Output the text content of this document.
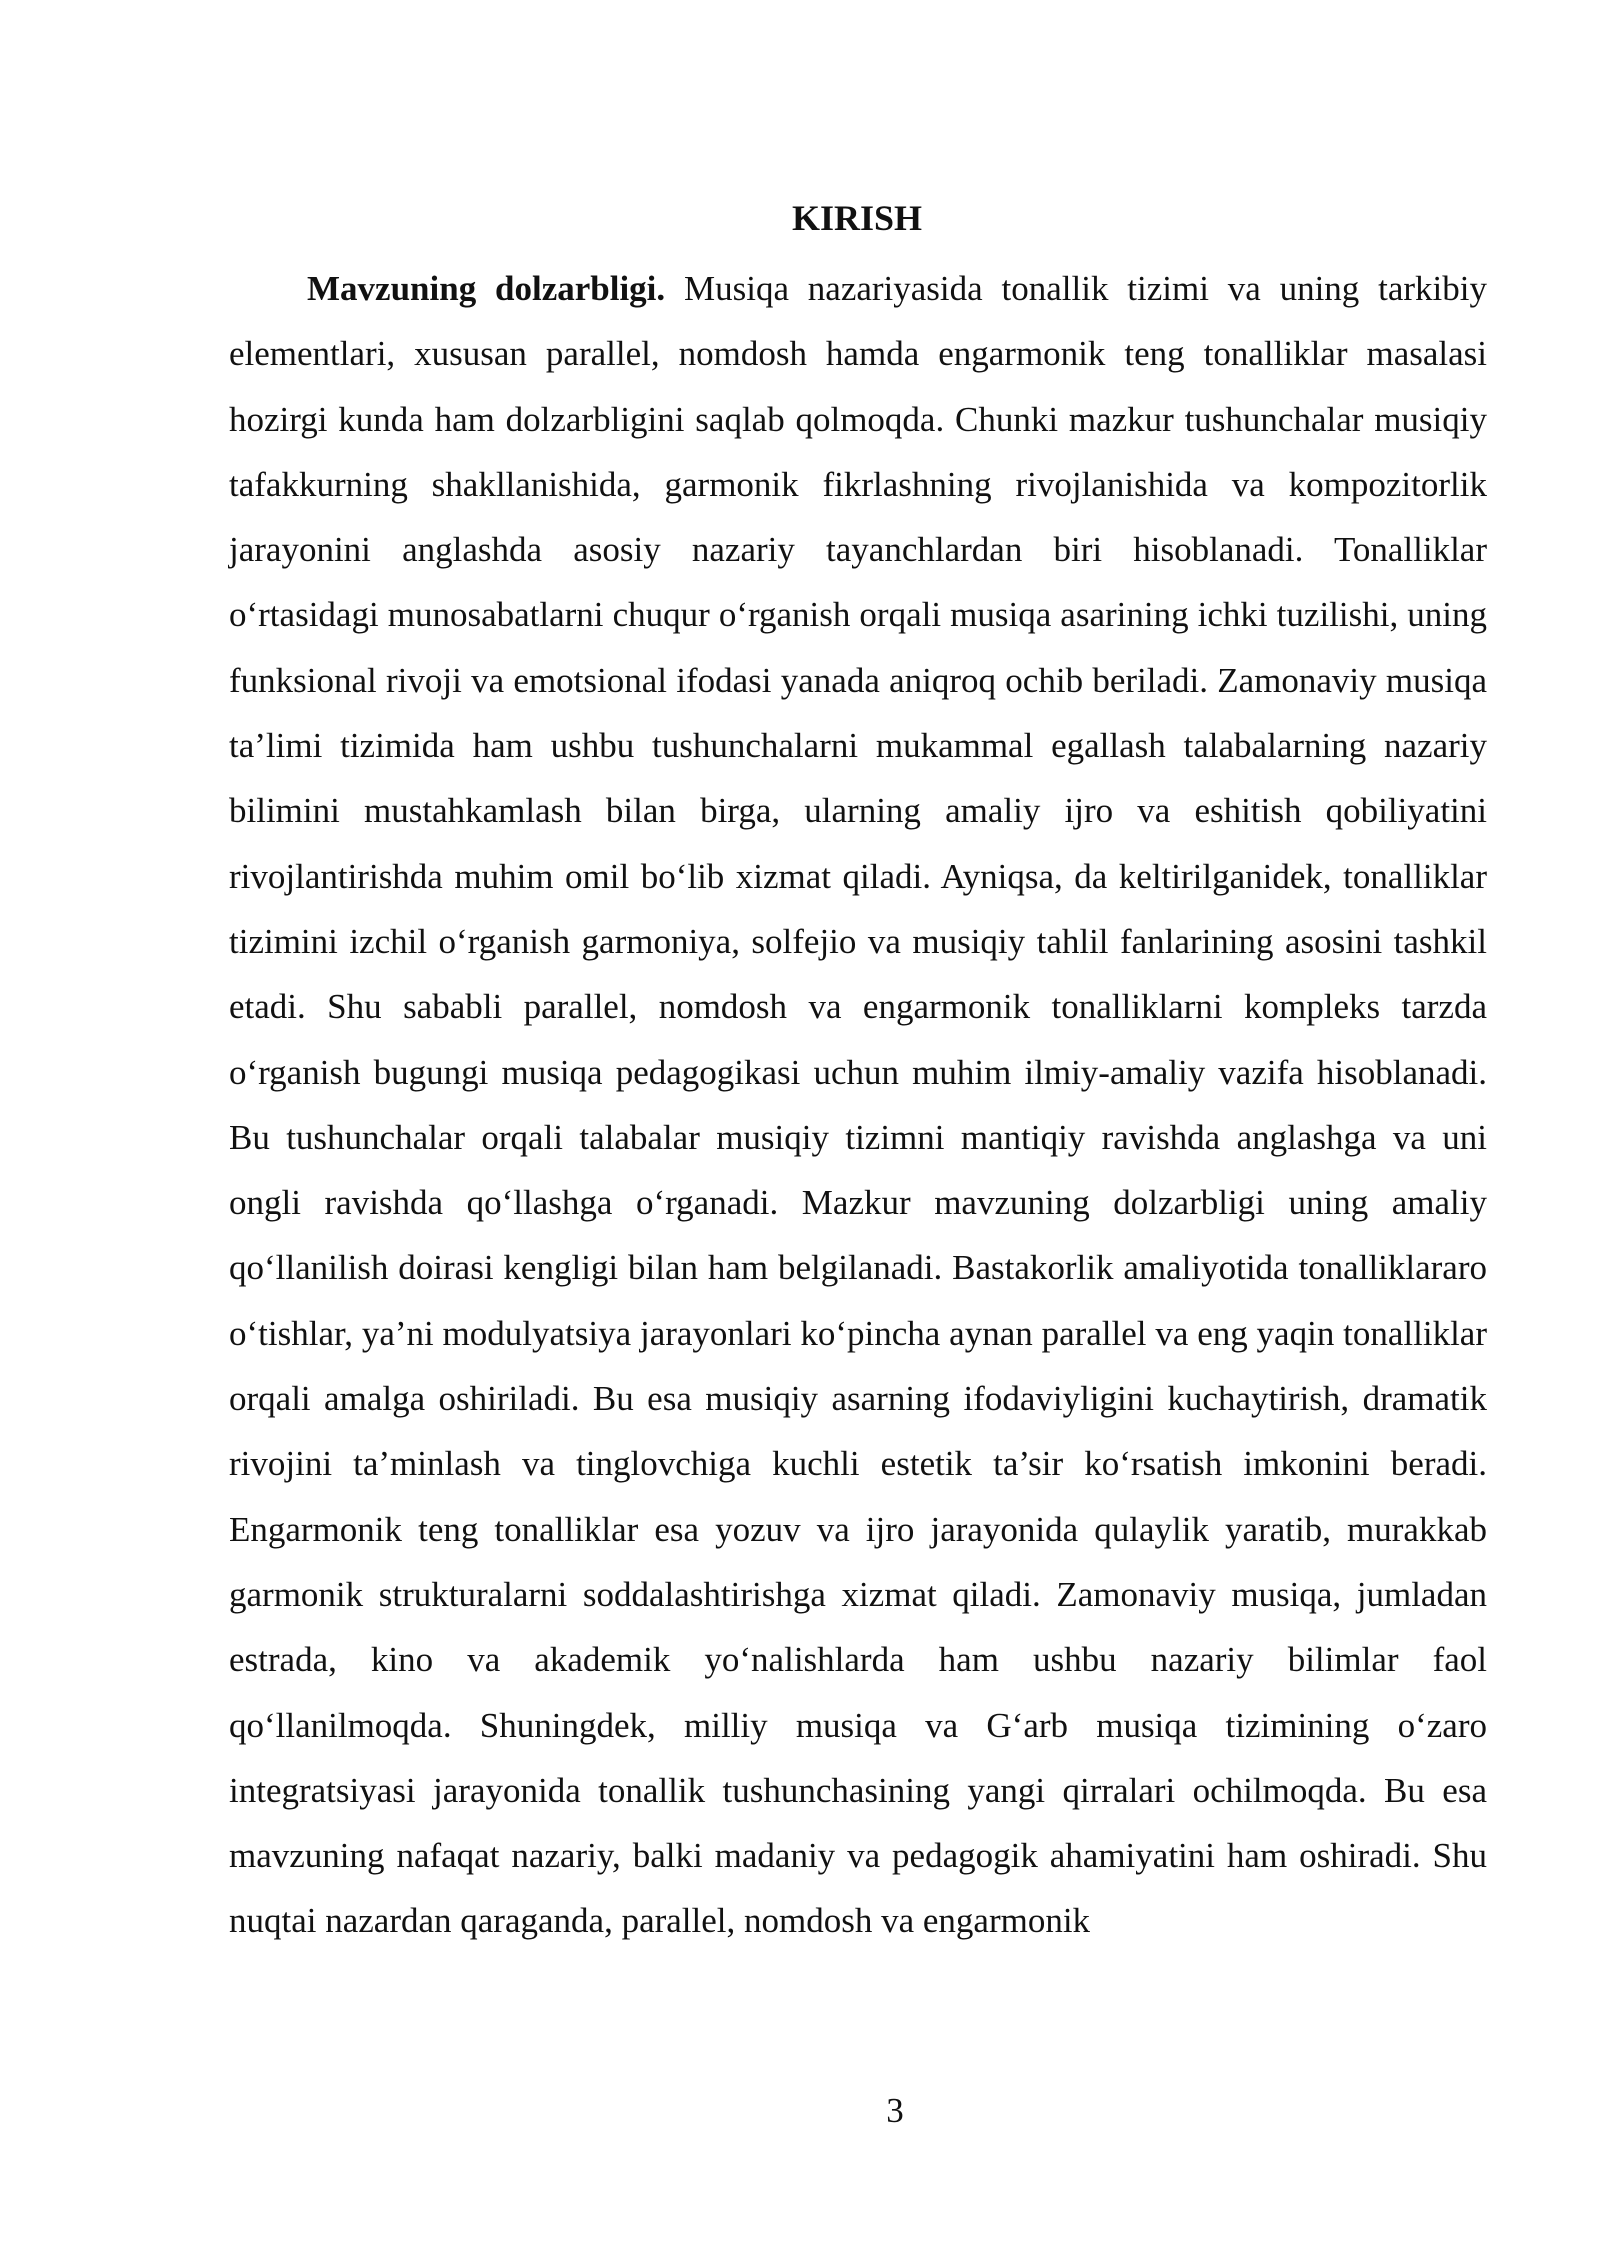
KIRISH

Mavzuning dolzarbligi. Musiqa nazariyasida tonallik tizimi va uning tarkibiy elementlari, xususan parallel, nomdosh hamda engarmonik teng tonalliklar masalasi hozirgi kunda ham dolzarbligini saqlab qolmoqda. Chunki mazkur tushunchalar musiqiy tafakkurning shakllanishida, garmonik fikrlashning rivojlanishida va kompozitorlik jarayonini anglashda asosiy nazariy tayanchlardan biri hisoblanadi. Tonalliklar oʻrtasidagi munosabatlarni chuqur oʻrganish orqali musiqa asarining ichki tuzilishi, uning funksional rivoji va emotsional ifodasi yanada aniqroq ochib beriladi. Zamonaviy musiqa ta’limi tizimida ham ushbu tushunchalarni mukammal egallash talabalarning nazariy bilimini mustahkamlash bilan birga, ularning amaliy ijro va eshitish qobiliyatini rivojlantirishda muhim omil boʻlib xizmat qiladi. Ayniqsa, da keltirilganidek, tonalliklar tizimini izchil oʻrganish garmoniya, solfejio va musiqiy tahlil fanlarining asosini tashkil etadi. Shu sababli parallel, nomdosh va engarmonik tonalliklarni kompleks tarzda oʻrganish bugungi musiqa pedagogikasi uchun muhim ilmiy-amaliy vazifa hisoblanadi. Bu tushunchalar orqali talabalar musiqiy tizimni mantiqiy ravishda anglashga va uni ongli ravishda qoʻllashga oʻrganadi. Mazkur mavzuning dolzarbligi uning amaliy qoʻllanilish doirasi kengligi bilan ham belgilanadi. Bastakorlik amaliyotida tonalliklararo oʻtishlar, ya’ni modulyatsiya jarayonlari koʻpincha aynan parallel va eng yaqin tonalliklar orqali amalga oshiriladi. Bu esa musiqiy asarning ifodaviyligini kuchaytirish, dramatik rivojini ta’minlash va tinglovchiga kuchli estetik ta’sir koʻrsatish imkonini beradi. Engarmonik teng tonalliklar esa yozuv va ijro jarayonida qulaylik yaratib, murakkab garmonik strukturalarni soddalashtirishga xizmat qiladi. Zamonaviy musiqa, jumladan estrada, kino va akademik yoʻnalishlarda ham ushbu nazariy bilimlar faol qoʻllanilmoqda. Shuningdek, milliy musiqa va Gʻarb musiqa tizimining oʻzaro integratsiyasi jarayonida tonallik tushunchasining yangi qirralari ochilmoqda. Bu esa mavzuning nafaqat nazariy, balki madaniy va pedagogik ahamiyatini ham oshiradi. Shu nuqtai nazardan qaraganda, parallel, nomdosh va engarmonik

3
